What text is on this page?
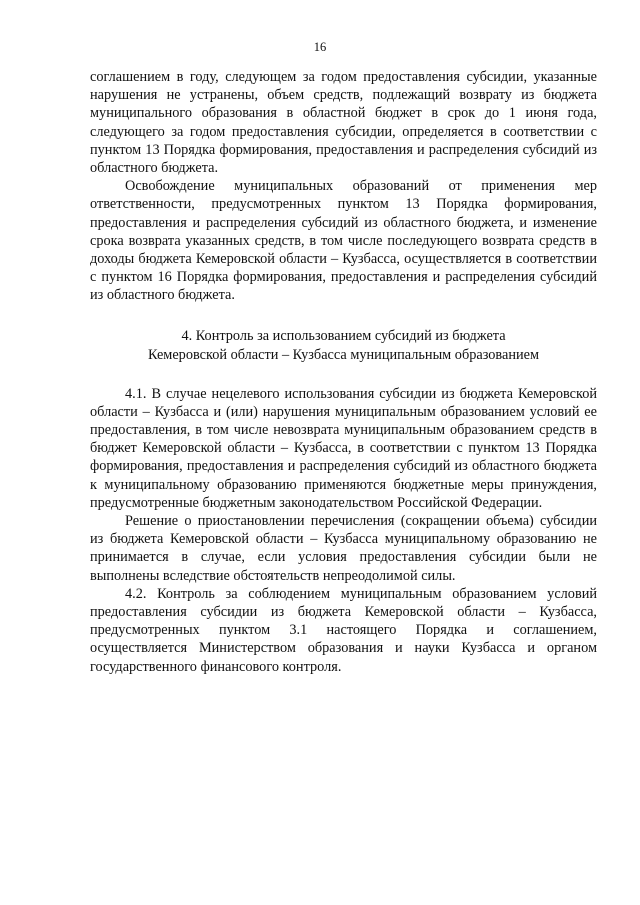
16

соглашением в году, следующем за годом предоставления субсидии, указанные нарушения не устранены, объем средств, подлежащий возврату из бюджета муниципального образования в областной бюджет в срок до 1 июня года, следующего за годом предоставления субсидии, определяется в соответствии с пунктом 13 Порядка формирования, предоставления и распределения субсидий из областного бюджета.

Освобождение муниципальных образований от применения мер ответственности, предусмотренных пунктом 13 Порядка формирования, предоставления и распределения субсидий из областного бюджета, и изменение срока возврата указанных средств, в том числе последующего возврата средств в доходы бюджета Кемеровской области – Кузбасса, осуществляется в соответствии с пунктом 16 Порядка формирования, предоставления и распределения субсидий из областного бюджета.

4. Контроль за использованием субсидий из бюджета
Кемеровской области – Кузбасса муниципальным образованием

4.1. В случае нецелевого использования субсидии из бюджета Кемеровской области – Кузбасса и (или) нарушения муниципальным образованием условий ее предоставления, в том числе невозврата муниципальным образованием средств в бюджет Кемеровской области – Кузбасса, в соответствии с пунктом 13 Порядка формирования, предоставления и распределения субсидий из областного бюджета к муниципальному образованию применяются бюджетные меры принуждения, предусмотренные бюджетным законодательством Российской Федерации.

Решение о приостановлении перечисления (сокращении объема) субсидии из бюджета Кемеровской области – Кузбасса муниципальному образованию не принимается в случае, если условия предоставления субсидии были не выполнены вследствие обстоятельств непреодолимой силы.

4.2. Контроль за соблюдением муниципальным образованием условий предоставления субсидии из бюджета Кемеровской области – Кузбасса, предусмотренных пунктом 3.1 настоящего Порядка и соглашением, осуществляется Министерством образования и науки Кузбасса и органом государственного финансового контроля.
